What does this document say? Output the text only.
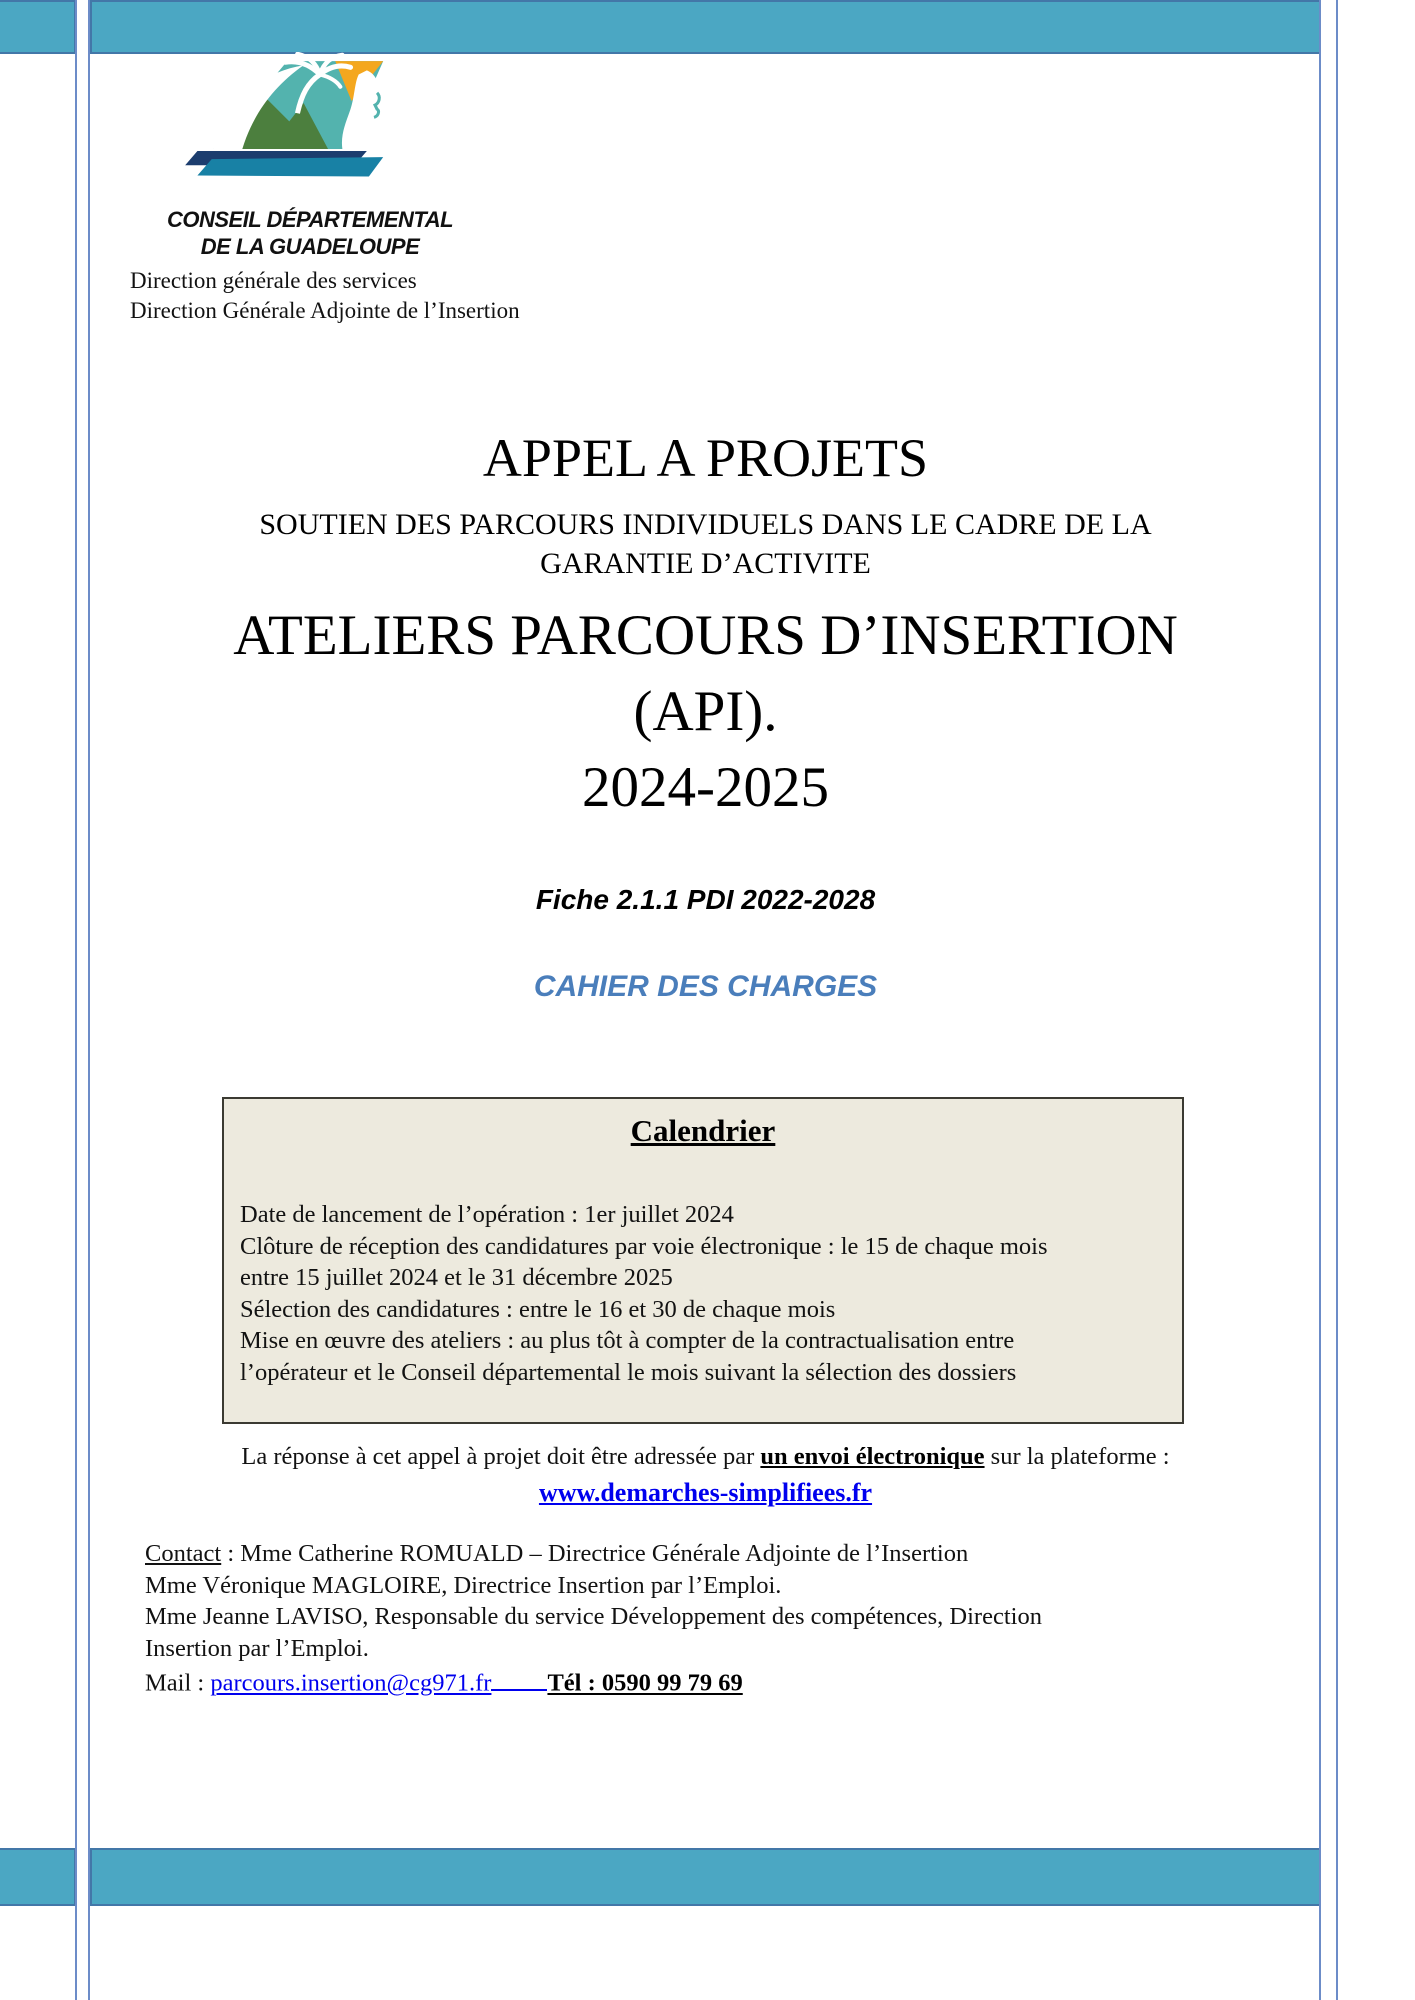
CONSEIL DÉPARTEMENTAL
DE LA GUADELOUPE
Direction générale des services
Direction Générale Adjointe de l’Insertion
APPEL A PROJETS
SOUTIEN DES PARCOURS INDIVIDUELS DANS LE CADRE DE LA
GARANTIE D’ACTIVITE
ATELIERS PARCOURS D’INSERTION
(API).
2024-2025
Fiche 2.1.1 PDI 2022-2028
CAHIER DES CHARGES
Calendrier
Date de lancement de l’opération : 1er juillet 2024
Clôture de réception des candidatures par voie électronique : le 15 de chaque mois
entre 15 juillet 2024 et le 31 décembre 2025
Sélection des candidatures : entre le 16 et 30 de chaque mois
Mise en œuvre des ateliers : au plus tôt à compter de la contractualisation entre
l’opérateur et le Conseil départemental le mois suivant la sélection des dossiers
La réponse à cet appel à projet doit être adressée par un envoi électronique sur la plateforme :
www.demarches-simplifiees.fr
Contact : Mme Catherine ROMUALD – Directrice Générale Adjointe de l’Insertion
Mme Véronique MAGLOIRE, Directrice Insertion par l’Emploi.
Mme Jeanne LAVISO, Responsable du service Développement des compétences, Direction
Insertion par l’Emploi.
Mail : parcours.insertion@cg971.fr Tél : 0590 99 79 69
